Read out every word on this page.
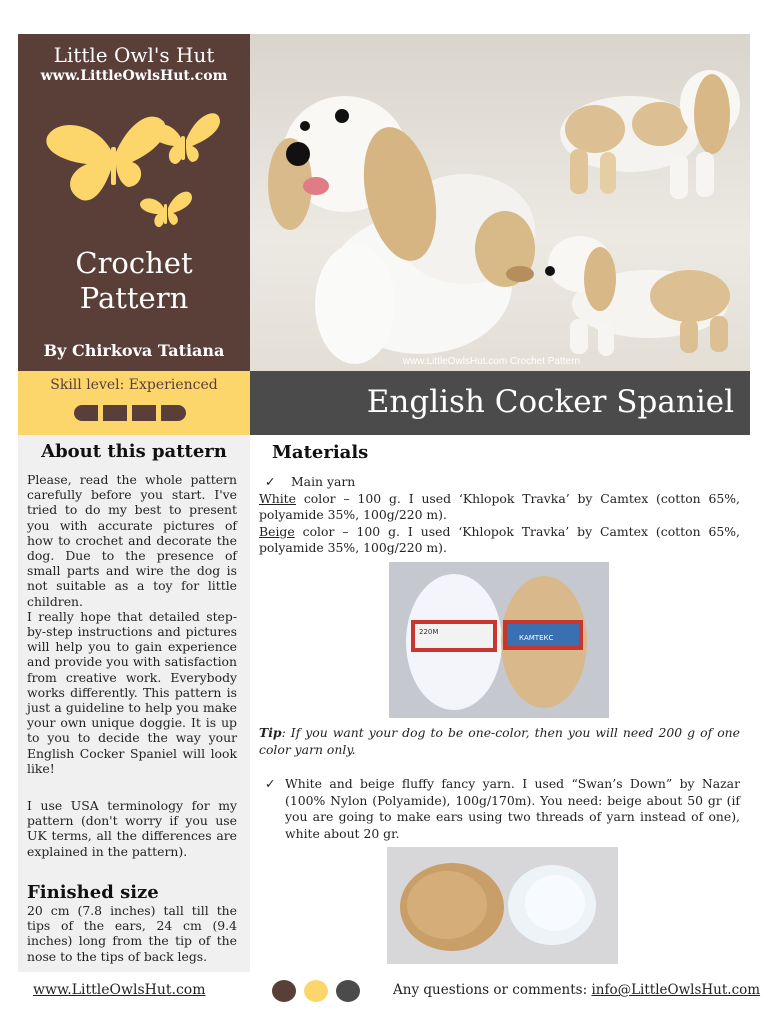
Little Owl's Hut
www.LittleOwlsHut.com
Crochet
Pattern
By Chirkova Tatiana
Skill level: Experienced
www.LittleOwlsHut.com Crochet Pattern
English Cocker Spaniel
About this pattern
Please, read the whole pattern carefully before you start. I've tried to do my best to present you with accurate pictures of how to crochet and decorate the dog. Due to the presence of small parts and wire the dog is not suitable as a toy for little children.
I really hope that detailed step-by-step instructions and pictures will help you to gain experience and provide you with satisfaction from creative work. Everybody works differently. This pattern is just a guideline to help you make your own unique doggie. It is up to you to decide the way your English Cocker Spaniel will look like!
I use USA terminology for my pattern (don't worry if you use UK terms, all the differences are explained in the pattern).
Finished size
20 cm (7.8 inches) tall till the tips of the ears, 24 cm (9.4 inches) long from the tip of the nose to the tips of back legs.
Materials
✓ Main yarn
White color – 100 g. I used ‘Khlopok Travka’ by Camtex (cotton 65%, polyamide 35%, 100g/220 m).
Beige color – 100 g. I used ‘Khlopok Travka’ by Camtex (cotton 65%, polyamide 35%, 100g/220 m).
220M
КАМТЕКС
Tip: If you want your dog to be one-color, then you will need 200 g of one color yarn only.
✓ White and beige fluffy fancy yarn. I used “Swan’s Down” by Nazar (100% Nylon (Polyamide), 100g/170m). You need: beige about 50 gr (if you are going to make ears using two threads of yarn instead of one), white about 20 gr.
www.LittleOwlsHut.com	Any questions or comments: info@LittleOwlsHut.com
